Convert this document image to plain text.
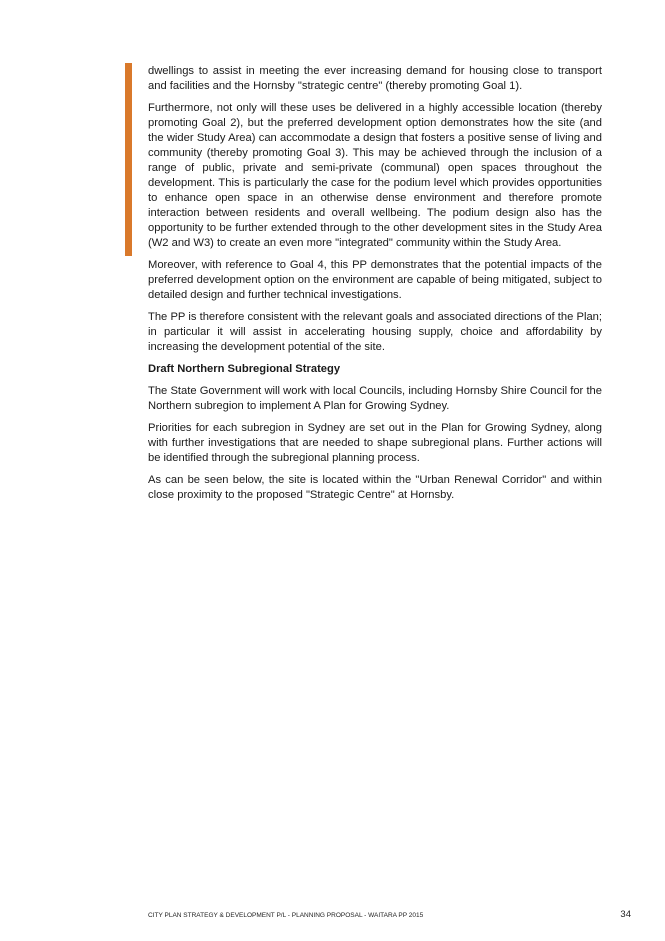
dwellings to assist in meeting the ever increasing demand for housing close to transport and facilities and the Hornsby "strategic centre" (thereby promoting Goal 1).

Furthermore, not only will these uses be delivered in a highly accessible location (thereby promoting Goal 2), but the preferred development option demonstrates how the site (and the wider Study Area) can accommodate a design that fosters a positive sense of living and community (thereby promoting Goal 3). This may be achieved through the inclusion of a range of public, private and semi-private (communal) open spaces throughout the development. This is particularly the case for the podium level which provides opportunities to enhance open space in an otherwise dense environment and therefore promote interaction between residents and overall wellbeing. The podium design also has the opportunity to be further extended through to the other development sites in the Study Area (W2 and W3) to create an even more "integrated" community within the Study Area.

Moreover, with reference to Goal 4, this PP demonstrates that the potential impacts of the preferred development option on the environment are capable of being mitigated, subject to detailed design and further technical investigations.

The PP is therefore consistent with the relevant goals and associated directions of the Plan; in particular it will assist in accelerating housing supply, choice and affordability by increasing the development potential of the site.

Draft Northern Subregional Strategy

The State Government will work with local Councils, including Hornsby Shire Council for the Northern subregion to implement A Plan for Growing Sydney.

Priorities for each subregion in Sydney are set out in the Plan for Growing Sydney, along with further investigations that are needed to shape subregional plans. Further actions will be identified through the subregional planning process.

As can be seen below, the site is located within the "Urban Renewal Corridor" and within close proximity to the proposed "Strategic Centre" at Hornsby.

CITY PLAN STRATEGY & DEVELOPMENT P/L - PLANNING PROPOSAL - WAITARA PP 2015	34
